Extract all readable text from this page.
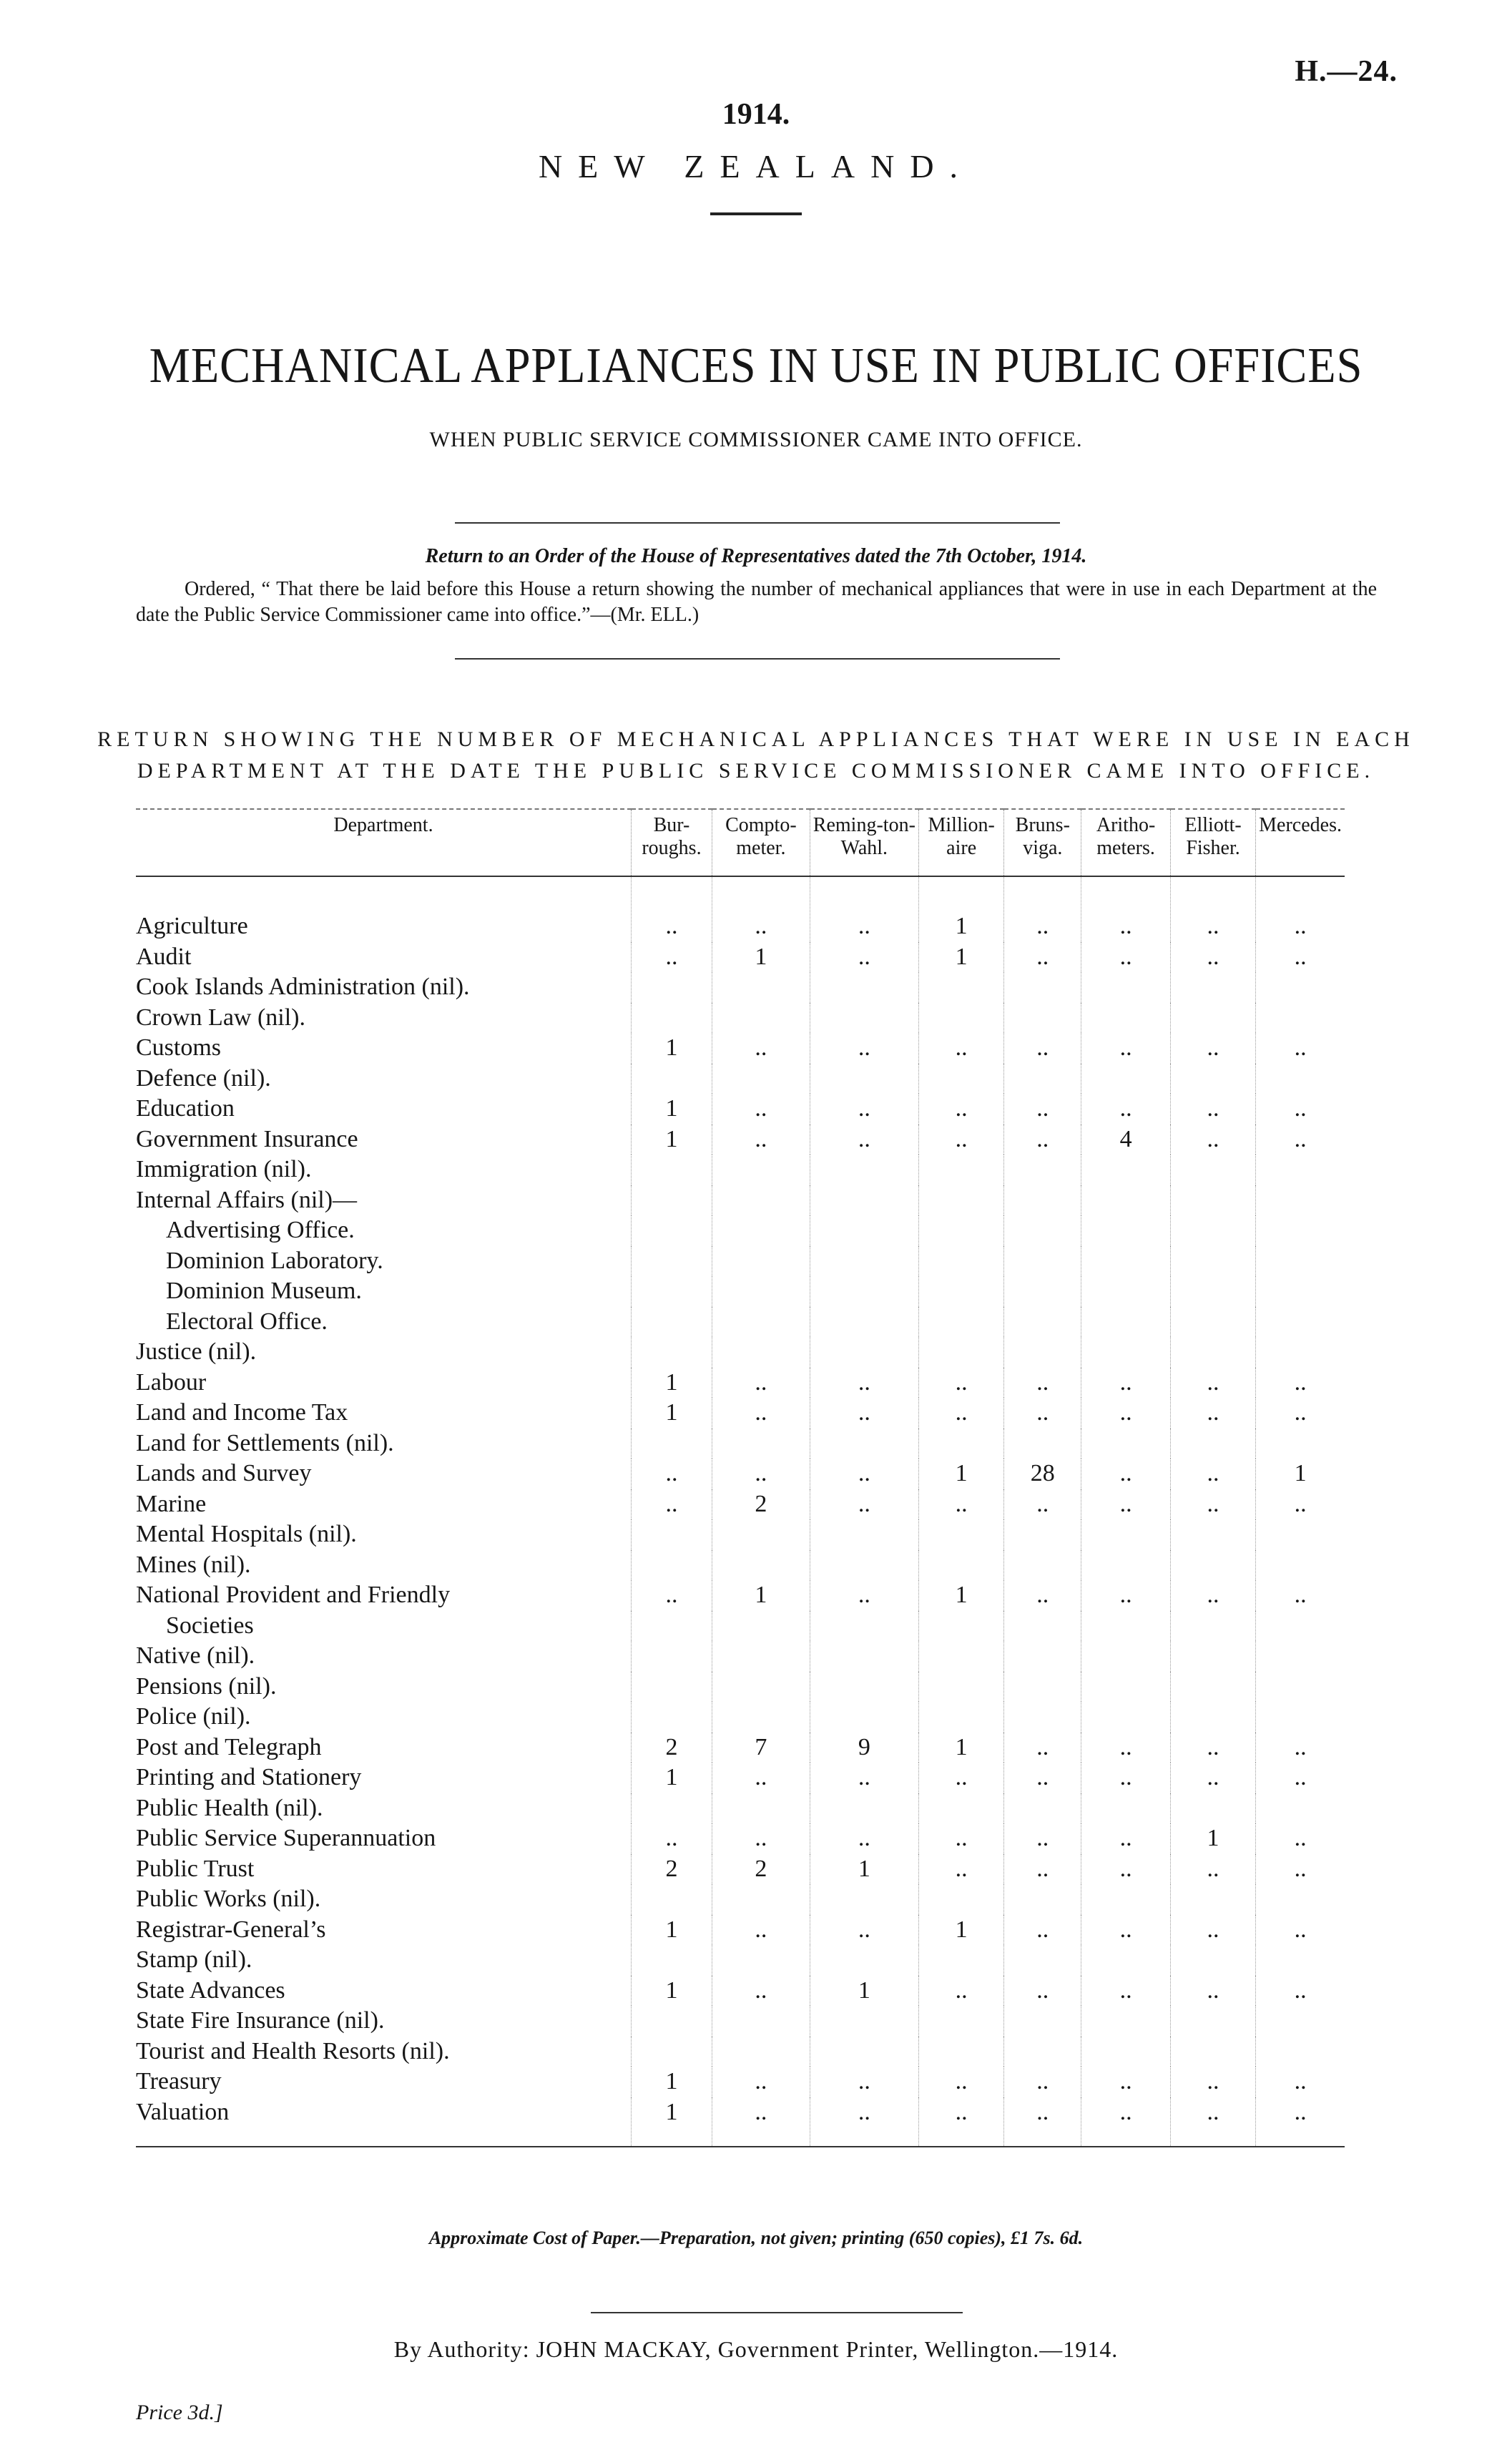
H.—24.
1914.
NEW ZEALAND.
MECHANICAL APPLIANCES IN USE IN PUBLIC OFFICES
WHEN PUBLIC SERVICE COMMISSIONER CAME INTO OFFICE.
Return to an Order of the House of Representatives dated the 7th October, 1914.
Ordered, “ That there be laid before this House a return showing the number of mechanical appliances that were in use in each Department at the date the Public Service Commissioner came into office.”—(Mr. ELL.)
RETURN SHOWING THE NUMBER OF MECHANICAL APPLIANCES THAT WERE IN USE IN EACH
DEPARTMENT AT THE DATE THE PUBLIC SERVICE COMMISSIONER CAME INTO OFFICE.
Department.	Bur-roughs.	Compto-meter.	Reming-ton-Wahl.	Million-aire	Bruns-viga.	Aritho-meters.	Elliott-Fisher.	Mercedes.
Agriculture	..	..	..	1	..	..	..	..
Audit	..	1	..	1	..	..	..	..
Cook Islands Administration (nil).								
Crown Law (nil).								
Customs	1	..	..	..	..	..	..	..
Defence (nil).								
Education	1	..	..	..	..	..	..	..
Government Insurance	1	..	..	..	..	4	..	..
Immigration (nil).								
Internal Affairs (nil)—								
Advertising Office.								
Dominion Laboratory.								
Dominion Museum.								
Electoral Office.								
Justice (nil).								
Labour	1	..	..	..	..	..	..	..
Land and Income Tax	1	..	..	..	..	..	..	..
Land for Settlements (nil).								
Lands and Survey	..	..	..	1	28	..	..	1
Marine	..	2	..	..	..	..	..	..
Mental Hospitals (nil).								
Mines (nil).								
National Provident and Friendly	..	1	..	1	..	..	..	..
Societies								
Native (nil).								
Pensions (nil).								
Police (nil).								
Post and Telegraph	2	7	9	1	..	..	..	..
Printing and Stationery	1	..	..	..	..	..	..	..
Public Health (nil).								
Public Service Superannuation	..	..	..	..	..	..	1	..
Public Trust	2	2	1	..	..	..	..	..
Public Works (nil).								
Registrar-General’s	1	..	..	1	..	..	..	..
Stamp (nil).								
State Advances	1	..	1	..	..	..	..	..
State Fire Insurance (nil).								
Tourist and Health Resorts (nil).								
Treasury	1	..	..	..	..	..	..	..
Valuation	1	..	..	..	..	..	..	..
Approximate Cost of Paper.—Preparation, not given; printing (650 copies), £1 7s. 6d.
By Authority: JOHN MACKAY, Government Printer, Wellington.—1914.
Price 3d.]
